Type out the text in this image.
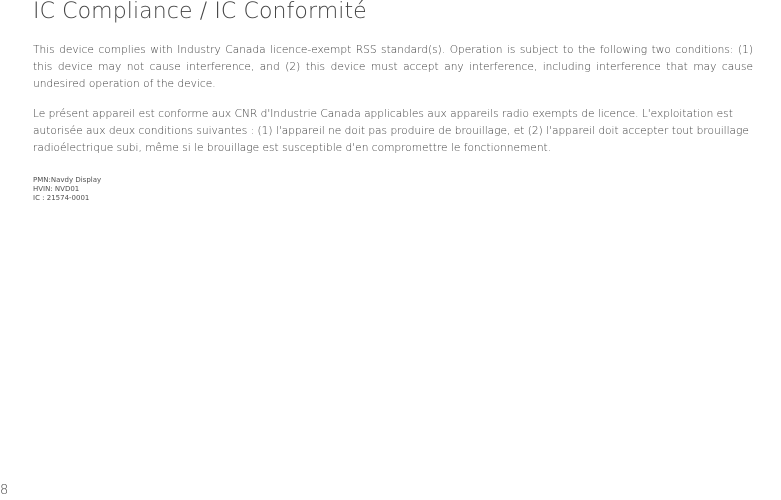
IC Compliance / IC Conformité

This device complies with Industry Canada licence-exempt RSS standard(s). Operation is subject to the following two conditions: (1) this device may not cause interference, and (2) this device must accept any interference, including interference that may cause undesired operation of the device.

Le présent appareil est conforme aux CNR d'Industrie Canada applicables aux appareils radio exempts de licence. L'exploitation est autorisée aux deux conditions suivantes : (1) l'appareil ne doit pas produire de brouillage, et (2) l'appareil doit accepter tout brouillage radioélectrique subi, même si le brouillage est susceptible d'en compromettre le fonctionnement.

PMN:Navdy Display
HVIN: NVD01
IC : 21574-0001
8
